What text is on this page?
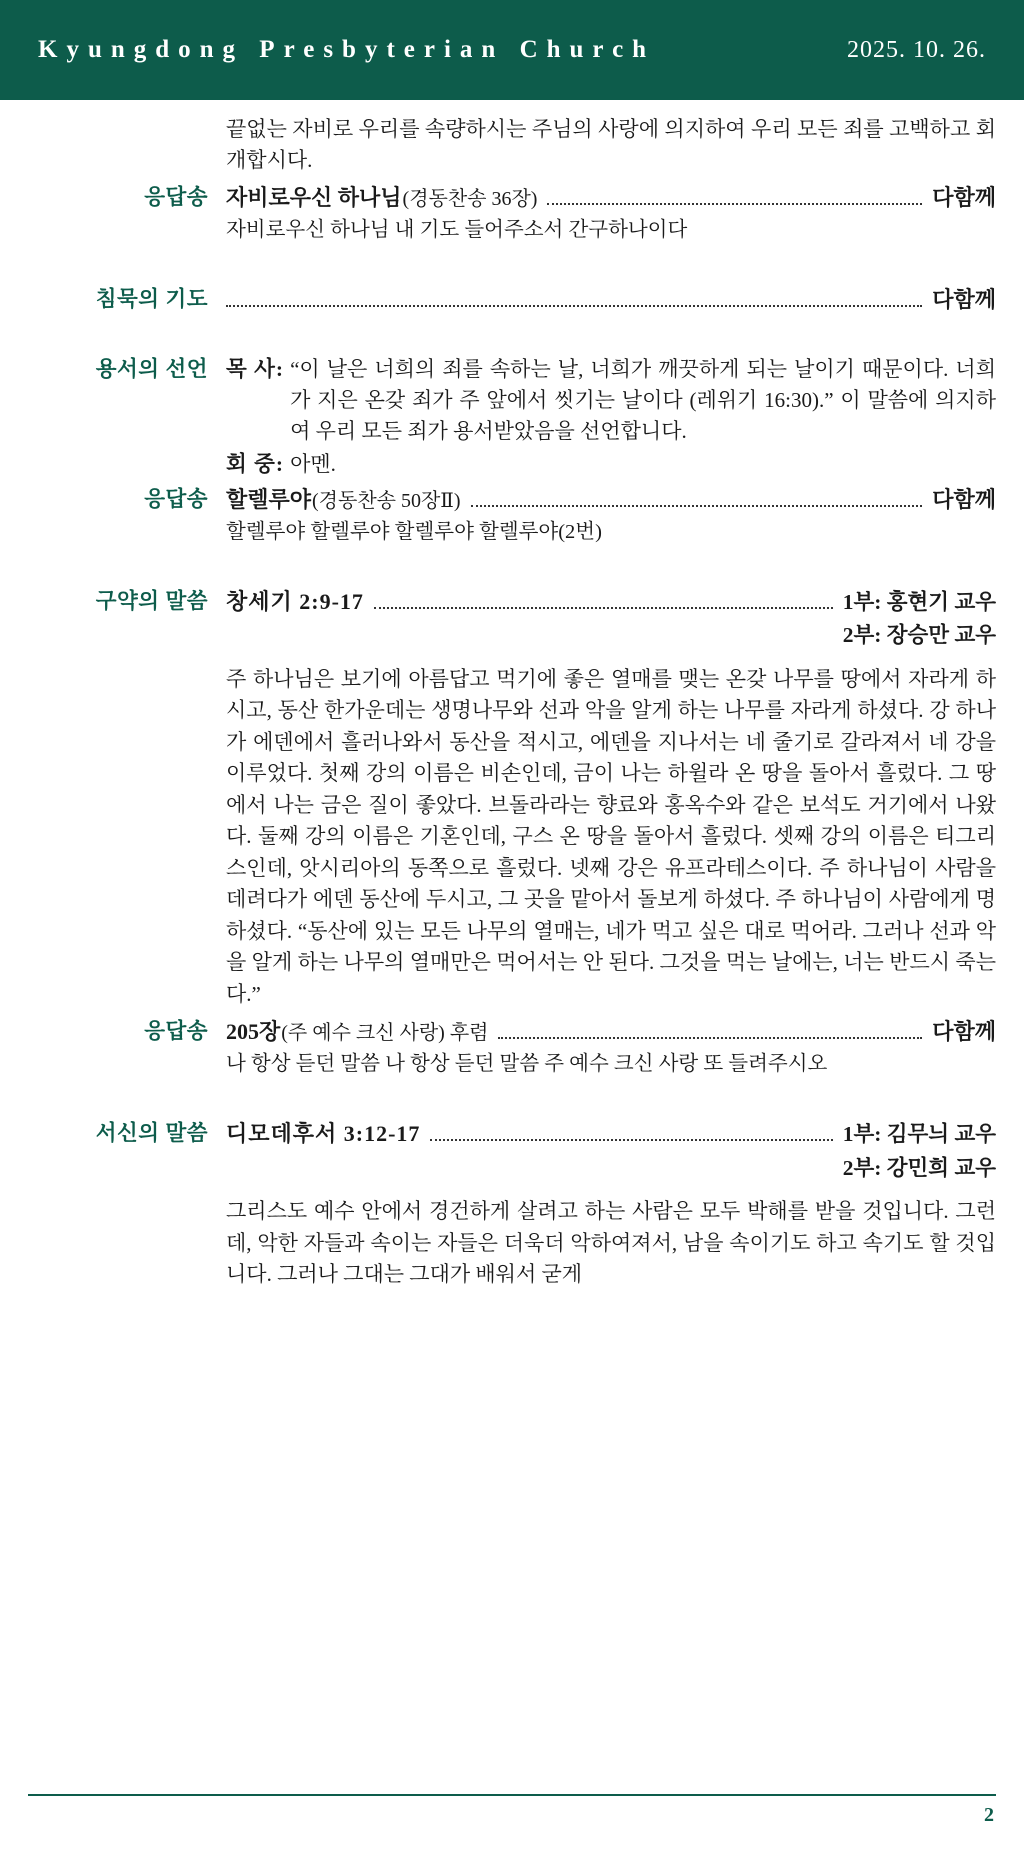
Kyungdong Presbyterian Church	2025. 10. 26.
끝없는 자비로 우리를 속량하시는 주님의 사랑에 의지하여 우리 모든 죄를 고백하고 회개합시다.
응답송 자비로우신 하나님 (경동찬송 36장)	다함께
자비로우신 하나님 내 기도 들어주소서 간구하나이다
침묵의 기도	다함께
용서의 선언 목 사: “이 날은 너희의 죄를 속하는 날, 너희가 깨끗하게 되는 날이기 때문이다. 너희가 지은 온갖 죄가 주 앞에서 씻기는 날이다 (레위기 16:30).” 이 말씀에 의지하여 우리 모든 죄가 용서받았음을 선언합니다.
회 중: 아멘.
응답송 할렐루야 (경동찬송 50장Ⅱ)	다함께
할렐루야 할렐루야 할렐루야 할렐루야(2번)
구약의 말씀 창세기 2:9-17	1부: 홍현기 교우
2부: 장승만 교우
주 하나님은 보기에 아름답고 먹기에 좋은 열매를 맺는 온갖 나무를 땅에서 자라게 하시고, 동산 한가운데는 생명나무와 선과 악을 알게 하는 나무를 자라게 하셨다. 강 하나가 에덴에서 흘러나와서 동산을 적시고, 에덴을 지나서는 네 줄기로 갈라져서 네 강을 이루었다. 첫째 강의 이름은 비손인데, 금이 나는 하윌라 온 땅을 돌아서 흘렀다. 그 땅에서 나는 금은 질이 좋았다. 브돌라라는 향료와 홍옥수와 같은 보석도 거기에서 나왔다. 둘째 강의 이름은 기혼인데, 구스 온 땅을 돌아서 흘렀다. 셋째 강의 이름은 티그리스인데, 앗시리아의 동쪽으로 흘렀다. 넷째 강은 유프라테스이다. 주 하나님이 사람을 데려다가 에덴 동산에 두시고, 그 곳을 맡아서 돌보게 하셨다. 주 하나님이 사람에게 명하셨다. “동산에 있는 모든 나무의 열매는, 네가 먹고 싶은 대로 먹어라. 그러나 선과 악을 알게 하는 나무의 열매만은 먹어서는 안 된다. 그것을 먹는 날에는, 너는 반드시 죽는다.”
응답송 205장 (주 예수 크신 사랑) 후렴	다함께
나 항상 듣던 말씀 나 항상 듣던 말씀 주 예수 크신 사랑 또 들려주시오
서신의 말씀 디모데후서 3:12-17	1부: 김무늬 교우
2부: 강민희 교우
그리스도 예수 안에서 경건하게 살려고 하는 사람은 모두 박해를 받을 것입니다. 그런데, 악한 자들과 속이는 자들은 더욱더 악하여져서, 남을 속이기도 하고 속기도 할 것입니다. 그러나 그대는 그대가 배워서 굳게
2
